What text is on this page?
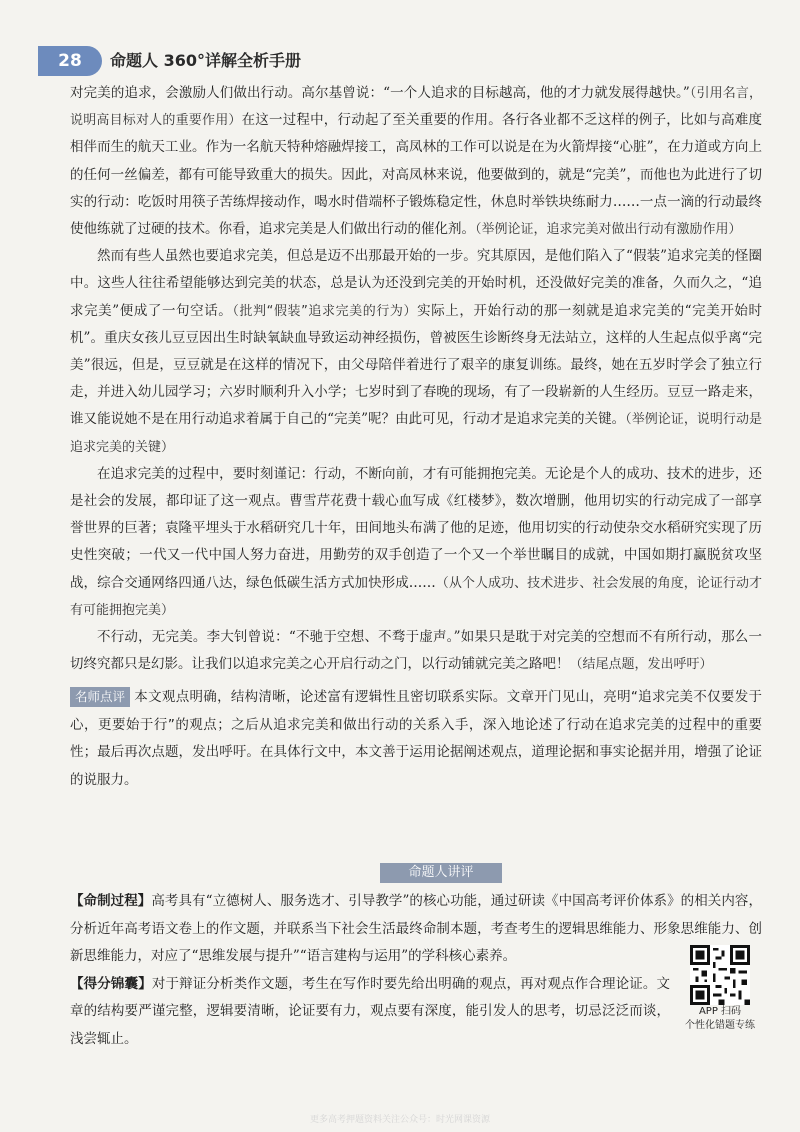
28	命题人 360°详解全析手册

对完美的追求，会激励人们做出行动。高尔基曾说：“一个人追求的目标越高，他的才力就发展得越快。”（引用名言，说明高目标对人的重要作用）在这一过程中，行动起了至关重要的作用。各行各业都不乏这样的例子，比如与高难度相伴而生的航天工业。作为一名航天特种熔融焊接工，高凤林的工作可以说是在为火箭焊接“心脏”，在力道或方向上的任何一丝偏差，都有可能导致重大的损失。因此，对高凤林来说，他要做到的，就是“完美”，而他也为此进行了切实的行动：吃饭时用筷子苦练焊接动作，喝水时借端杯子锻炼稳定性，休息时举铁块练耐力……一点一滴的行动最终使他练就了过硬的技术。你看，追求完美是人们做出行动的催化剂。（举例论证，追求完美对做出行动有激励作用）

然而有些人虽然也要追求完美，但总是迈不出那最开始的一步。究其原因，是他们陷入了“假装”追求完美的怪圈中。这些人往往希望能够达到完美的状态，总是认为还没到完美的开始时机，还没做好完美的准备，久而久之，“追求完美”便成了一句空话。（批判“假装”追求完美的行为）实际上，开始行动的那一刻就是追求完美的“完美开始时机”。重庆女孩儿豆豆因出生时缺氧缺血导致运动神经损伤，曾被医生诊断终身无法站立，这样的人生起点似乎离“完美”很远，但是，豆豆就是在这样的情况下，由父母陪伴着进行了艰辛的康复训练。最终，她在五岁时学会了独立行走，并进入幼儿园学习；六岁时顺利升入小学；七岁时到了春晚的现场，有了一段崭新的人生经历。豆豆一路走来，谁又能说她不是在用行动追求着属于自己的“完美”呢？由此可见，行动才是追求完美的关键。（举例论证，说明行动是追求完美的关键）

在追求完美的过程中，要时刻谨记：行动，不断向前，才有可能拥抱完美。无论是个人的成功、技术的进步，还是社会的发展，都印证了这一观点。曹雪芹花费十载心血写成《红楼梦》，数次增删，他用切实的行动完成了一部享誉世界的巨著；袁隆平埋头于水稻研究几十年，田间地头布满了他的足迹，他用切实的行动使杂交水稻研究实现了历史性突破；一代又一代中国人努力奋进，用勤劳的双手创造了一个又一个举世瞩目的成就，中国如期打赢脱贫攻坚战，综合交通网络四通八达，绿色低碳生活方式加快形成……（从个人成功、技术进步、社会发展的角度，论证行动才有可能拥抱完美）

不行动，无完美。李大钊曾说：“不驰于空想、不骛于虚声。”如果只是耽于对完美的空想而不有所行动，那么一切终究都只是幻影。让我们以追求完美之心开启行动之门，以行动铺就完美之路吧！（结尾点题，发出呼吁）

名师点评 本文观点明确，结构清晰，论述富有逻辑性且密切联系实际。文章开门见山，亮明“追求完美不仅要发于心，更要始于行”的观点；之后从追求完美和做出行动的关系入手，深入地论述了行动在追求完美的过程中的重要性；最后再次点题，发出呼吁。在具体行文中，本文善于运用论据阐述观点，道理论据和事实论据并用，增强了论证的说服力。
命题人讲评

【命制过程】高考具有“立德树人、服务选才、引导教学”的核心功能，通过研读《中国高考评价体系》的相关内容，分析近年高考语文卷上的作文题，并联系当下社会生活最终命制本题，考查考生的逻辑思维能力、形象思维能力、创新思维能力，对应了“思维发展与提升”“语言建构与运用”的学科核心素养。

【得分锦囊】对于辩证分析类作文题，考生在写作时要先给出明确的观点，再对观点作合理论证。文章的结构要严谨完整，逻辑要清晰，论证要有力，观点要有深度，能引发人的思考，切忌泛泛而谈，浅尝辄止。

APP 扫码
个性化错题专练
更多高考押题资料关注公众号：时光网课资源
